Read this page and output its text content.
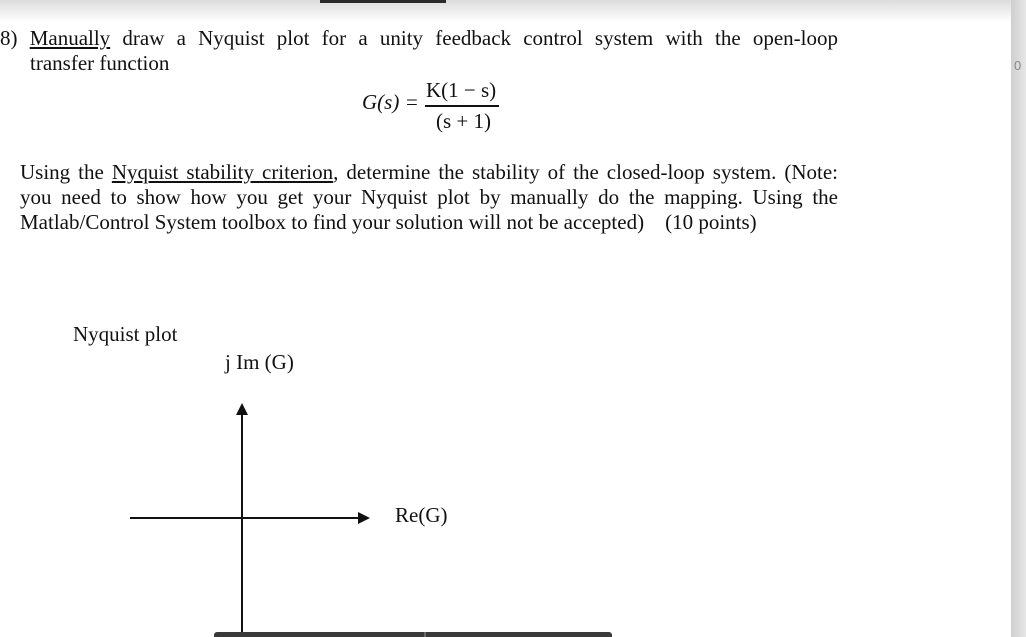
0
8) Manually draw a Nyquist plot for a unity feedback control system with the open-loop
transfer function
G(s) = K(1 − s)
(s + 1)
Using the Nyquist stability criterion, determine the stability of the closed-loop system. (Note:
you need to show how you get your Nyquist plot by manually do the mapping. Using the
Matlab/Control System toolbox to find your solution will not be accepted) (10 points)
Nyquist plot
j Im (G)
Re(G)
